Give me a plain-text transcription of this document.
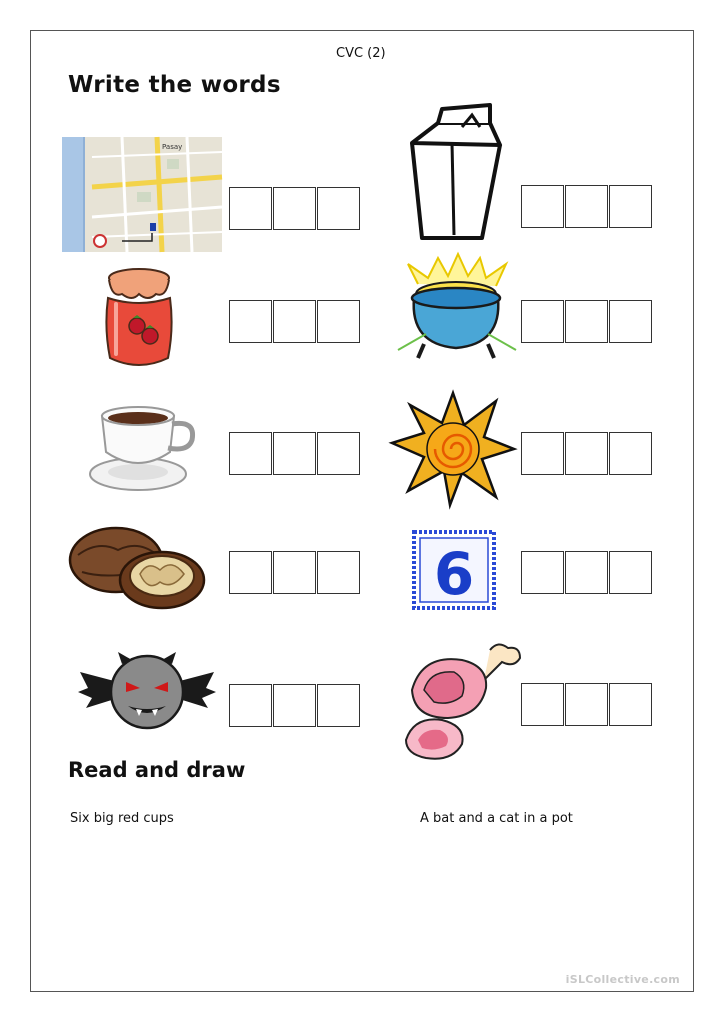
CVC (2)
Write the words
Pasay
6
Read and draw
Six big red cups	A bat and a cat in a pot
iSLCollective.com
